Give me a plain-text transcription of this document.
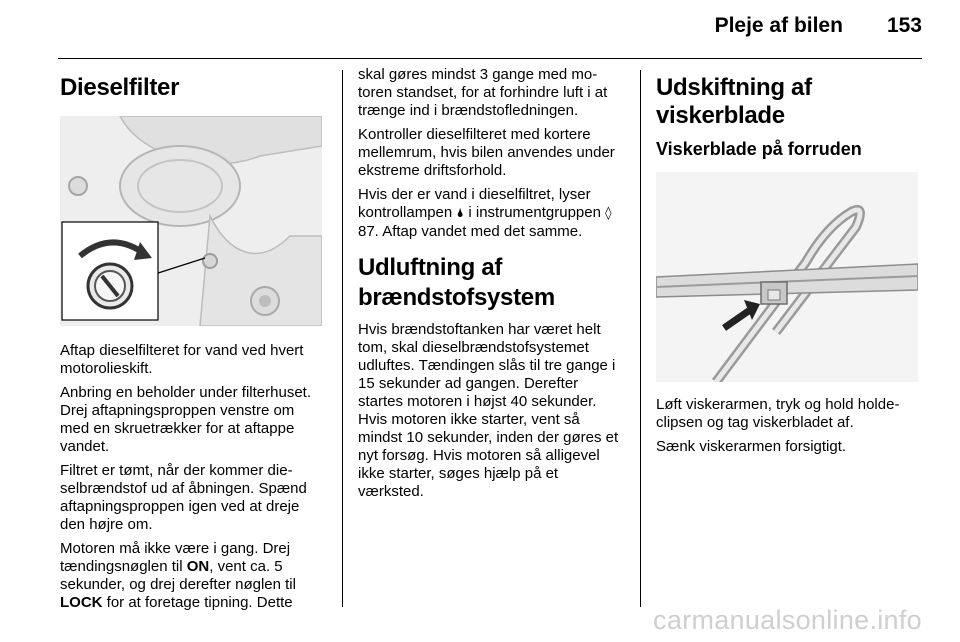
Pleje af bilen 153
Dieselfilter

Aftap dieselfilteret for vand ved hvert motorolieskift.

Anbring en beholder under filterhuset. Drej aftapningsproppen venstre om med en skruetrækker for at aftappe vandet.

Filtret er tømt, når der kommer dieselbrændstof ud af åbningen. Spænd aftapningsproppen igen ved at dreje den højre om.

Motoren må ikke være i gang. Drej tændingsnøglen til ON, vent ca. 5 sekunder, og drej derefter nøglen til LOCK for at foretage tipning. Dette

skal gøres mindst 3 gange med motoren standset, for at forhindre luft i at trænge ind i brændstofledningen.

Kontroller dieselfilteret med kortere mellemrum, hvis bilen anvendes under ekstreme driftsforhold.

Hvis der er vand i dieselfiltret, lyser kontrollampen 🌢 i instrumentgruppen ◊ 87. Aftap vandet med det samme.

Udluftning af
brændstofsystem

Hvis brændstoftanken har været helt tom, skal dieselbrændstofsystemet udluftes. Tændingen slås til tre gange i 15 sekunder ad gangen. Derefter startes motoren i højst 40 sekunder. Hvis motoren ikke starter, vent så mindst 10 sekunder, inden der gøres et nyt forsøg. Hvis motoren så alligevel ikke starter, søges hjælp på et værksted.

Udskiftning af viskerblade
Viskerblade på forruden

Løft viskerarmen, tryk og hold holdeclipsen og tag viskerbladet af.

Sænk viskerarmen forsigtigt.

carmanualsonline.info
